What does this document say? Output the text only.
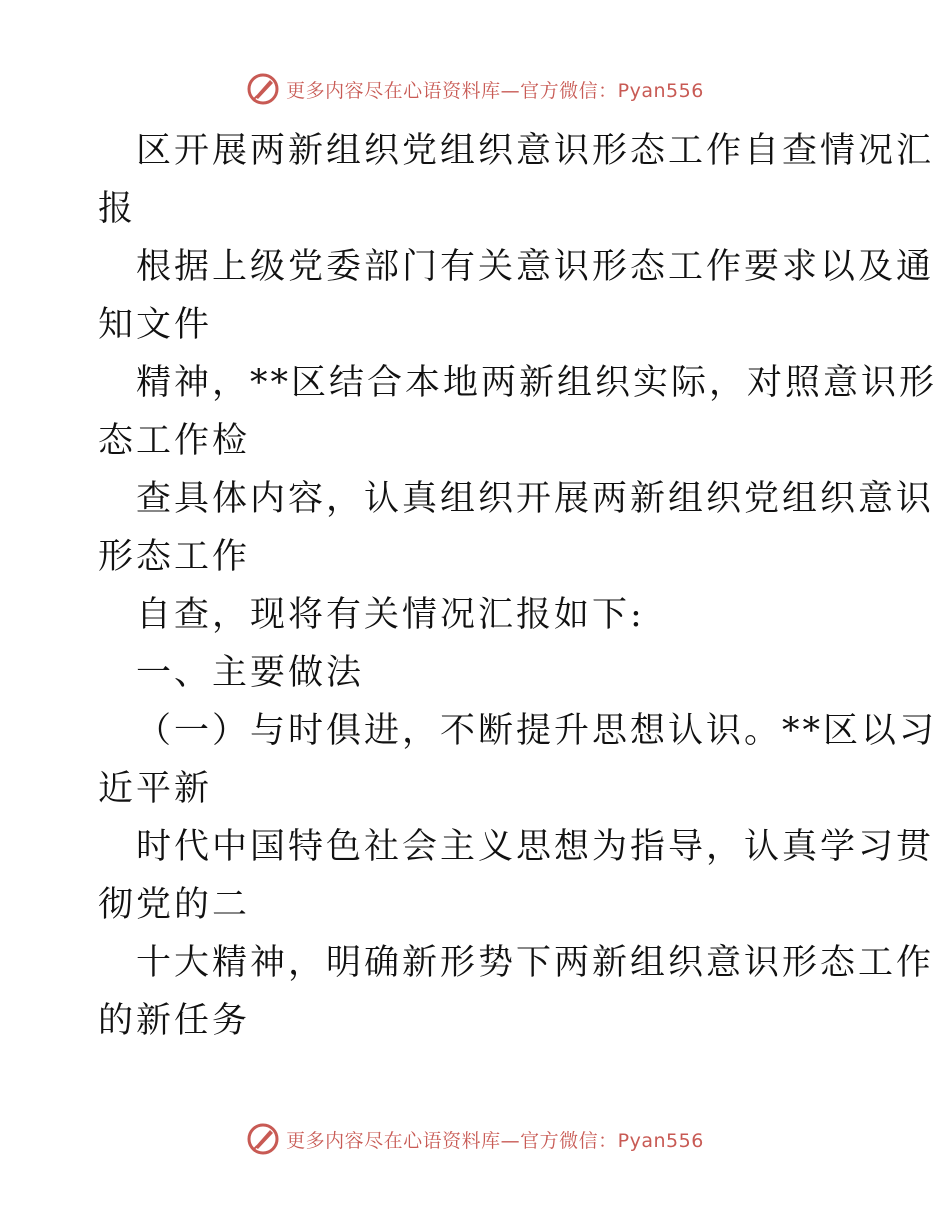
更多内容尽在心语资料库—官方微信：Pyan556
区开展两新组织党组织意识形态工作自查情况汇
报
根据上级党委部门有关意识形态工作要求以及通
知文件
精神，**区结合本地两新组织实际，对照意识形
态工作检
查具体内容，认真组织开展两新组织党组织意识
形态工作
自查，现将有关情况汇报如下:
一、主要做法
（一）与时俱进，不断提升思想认识。**区以习
近平新
时代中国特色社会主义思想为指导，认真学习贯
彻党的二
十大精神，明确新形势下两新组织意识形态工作
的新任务
更多内容尽在心语资料库—官方微信：Pyan556
